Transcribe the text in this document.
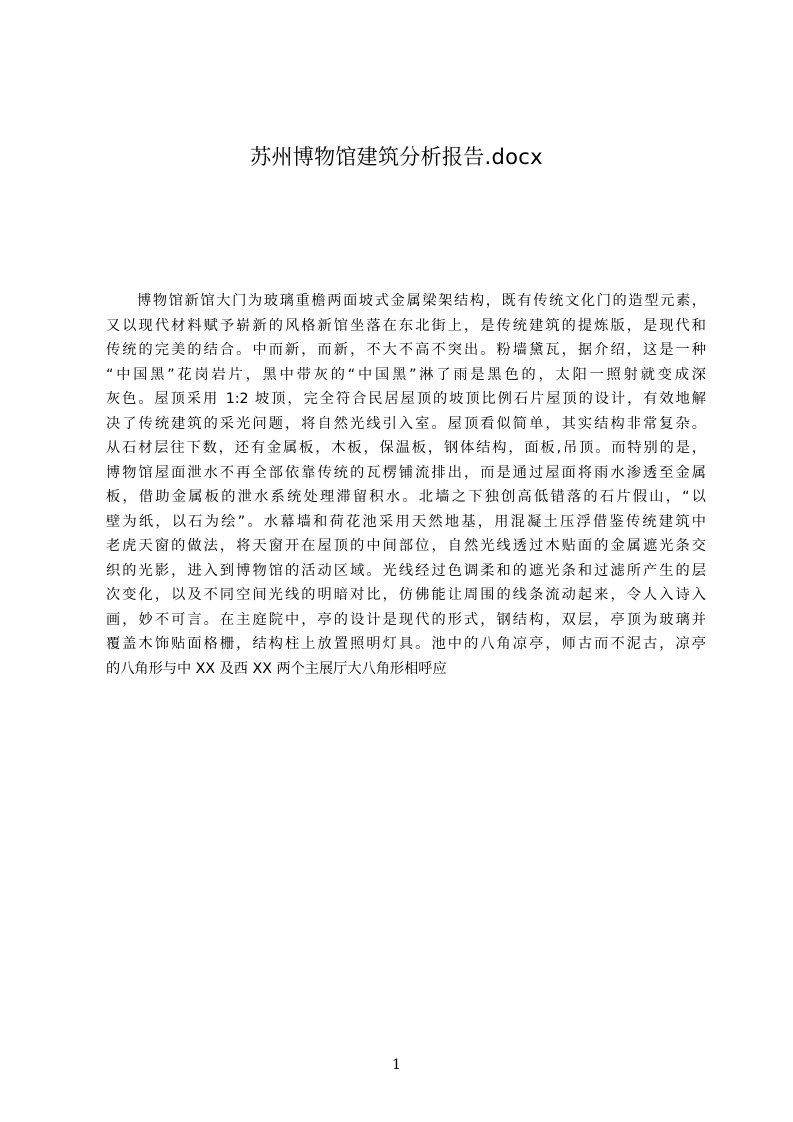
苏州博物馆建筑分析报告.docx
博物馆新馆大门为玻璃重檐两面坡式金属梁架结构，既有传统文化门的造型元素，
又以现代材料赋予崭新的风格新馆坐落在东北街上，是传统建筑的提炼版，是现代和
传统的完美的结合。中而新，而新，不大不高不突出。粉墙黛瓦，据介绍，这是一种
“中国黑”花岗岩片，黑中带灰的“中国黑”淋了雨是黑色的，太阳一照射就变成深
灰色。屋顶采用 1:2 坡顶，完全符合民居屋顶的坡顶比例石片屋顶的设计，有效地解
决了传统建筑的采光问题，将自然光线引入室。屋顶看似简单，其实结构非常复杂。
从石材层往下数，还有金属板，木板，保温板，钢体结构，面板,吊顶。而特别的是，
博物馆屋面泄水不再全部依靠传统的瓦楞铺流排出，而是通过屋面将雨水渗透至金属
板，借助金属板的泄水系统处理滞留积水。北墙之下独创高低错落的石片假山，“以
壁为纸，以石为绘”。水幕墙和荷花池采用天然地基，用混凝土压浮借鉴传统建筑中
老虎天窗的做法，将天窗开在屋顶的中间部位，自然光线透过木贴面的金属遮光条交
织的光影，进入到博物馆的活动区域。光线经过色调柔和的遮光条和过滤所产生的层
次变化，以及不同空间光线的明暗对比，仿佛能让周围的线条流动起来，令人入诗入
画，妙不可言。在主庭院中，亭的设计是现代的形式，钢结构，双层，亭顶为玻璃并
覆盖木饰贴面格栅，结构柱上放置照明灯具。池中的八角凉亭，师古而不泥古，凉亭
的八角形与中 XX 及西 XX 两个主展厅大八角形相呼应
1
